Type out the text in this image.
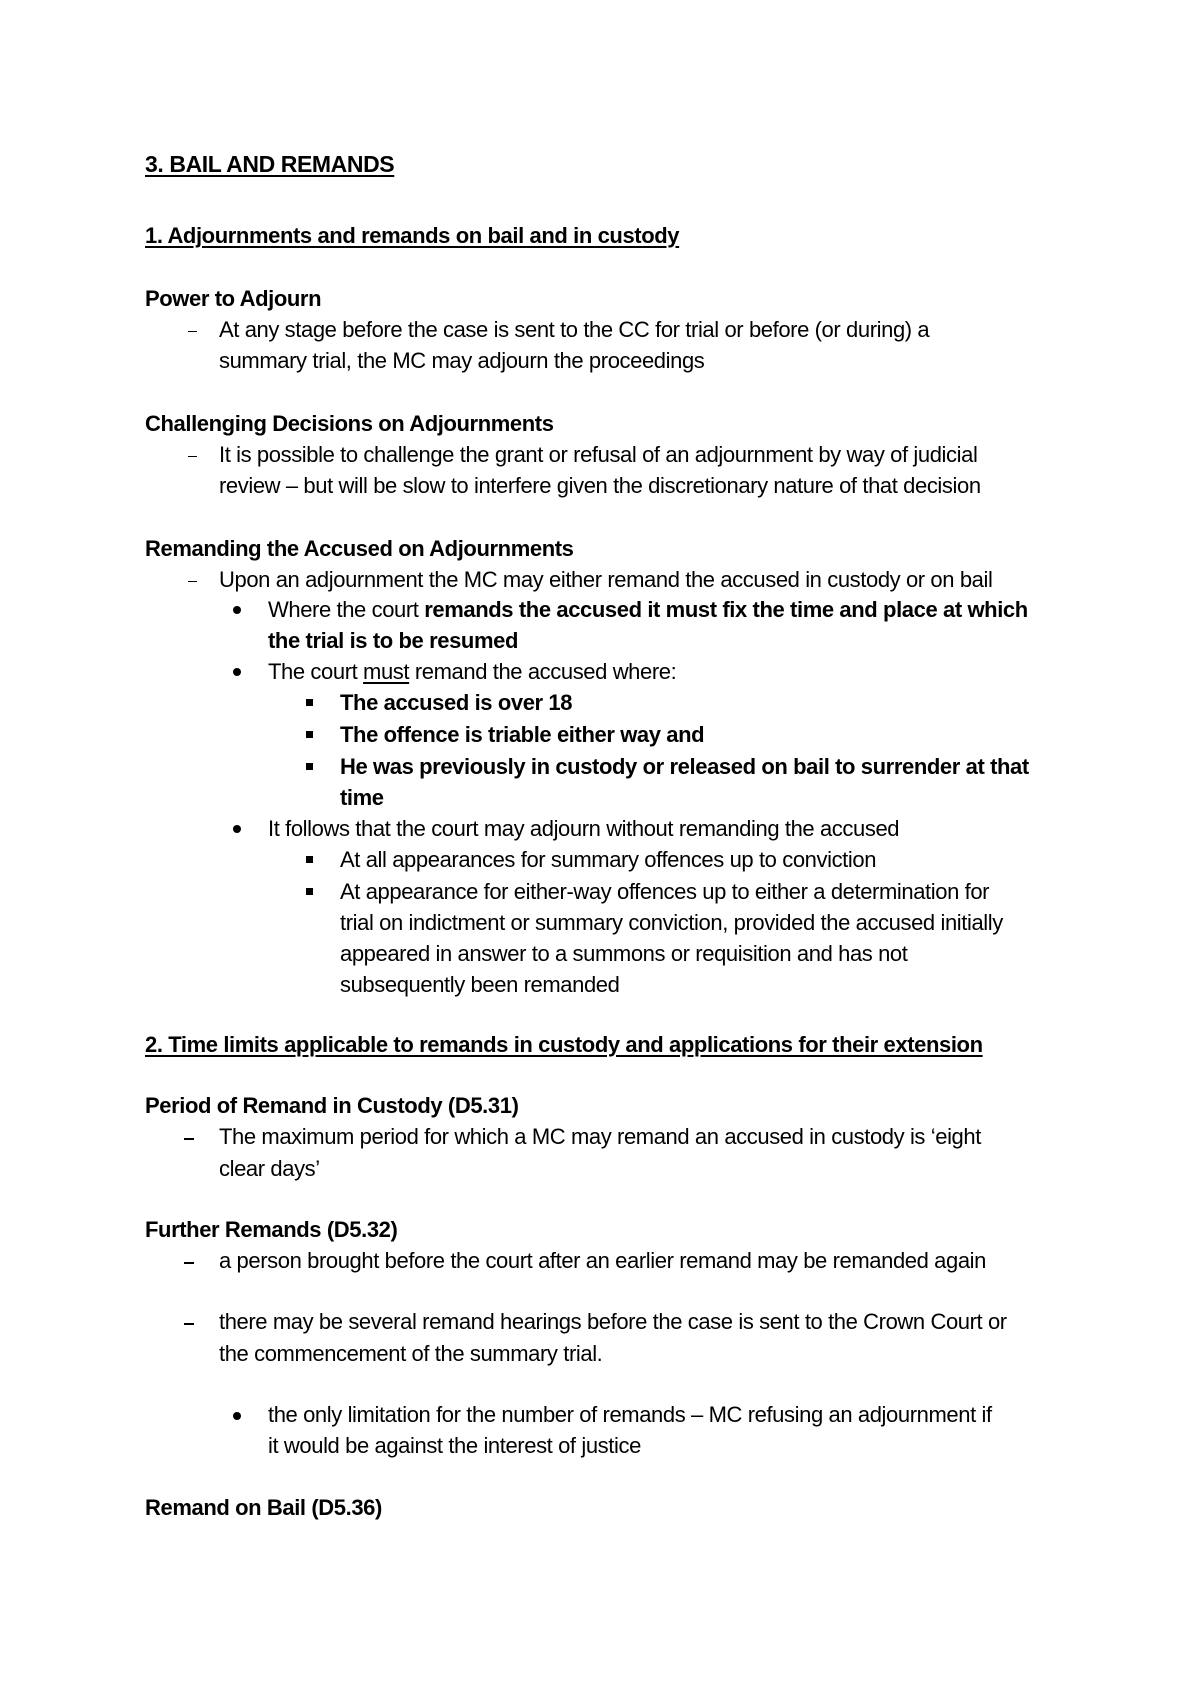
3. BAIL AND REMANDS
1. Adjournments and remands on bail and in custody
Power to Adjourn
At any stage before the case is sent to the CC for trial or before (or during) a
summary trial, the MC may adjourn the proceedings
Challenging Decisions on Adjournments
It is possible to challenge the grant or refusal of an adjournment by way of judicial
review – but will be slow to interfere given the discretionary nature of that decision
Remanding the Accused on Adjournments
Upon an adjournment the MC may either remand the accused in custody or on bail
Where the court remands the accused it must fix the time and place at which
the trial is to be resumed
The court must remand the accused where:
The accused is over 18
The offence is triable either way and
He was previously in custody or released on bail to surrender at that
time
It follows that the court may adjourn without remanding the accused
At all appearances for summary offences up to conviction
At appearance for either-way offences up to either a determination for
trial on indictment or summary conviction, provided the accused initially
appeared in answer to a summons or requisition and has not
subsequently been remanded
2. Time limits applicable to remands in custody and applications for their extension
Period of Remand in Custody (D5.31)
The maximum period for which a MC may remand an accused in custody is ‘eight
clear days’
Further Remands (D5.32)
a person brought before the court after an earlier remand may be remanded again
there may be several remand hearings before the case is sent to the Crown Court or
the commencement of the summary trial.
the only limitation for the number of remands – MC refusing an adjournment if
it would be against the interest of justice
Remand on Bail (D5.36)
